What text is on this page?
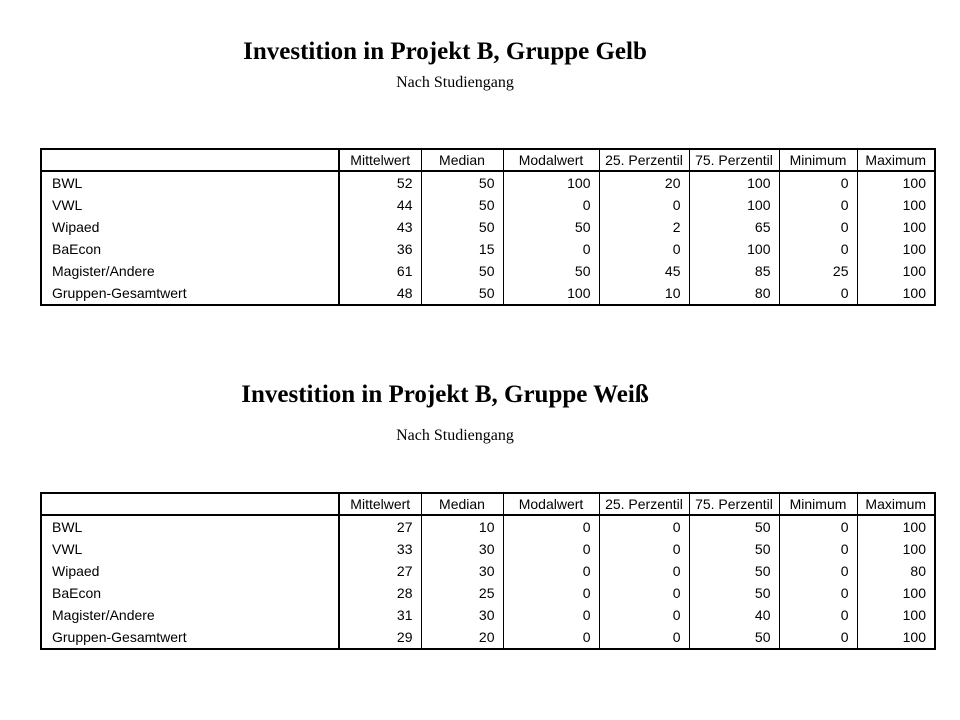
Investition in Projekt B, Gruppe Gelb
Nach Studiengang
	Mittelwert	Median	Modalwert	25. Perzentil	75. Perzentil	Minimum	Maximum
BWL	52	50	100	20	100	0	100
VWL	44	50	0	0	100	0	100
Wipaed	43	50	50	2	65	0	100
BaEcon	36	15	0	0	100	0	100
Magister/Andere	61	50	50	45	85	25	100
Gruppen-Gesamtwert	48	50	100	10	80	0	100
Investition in Projekt B, Gruppe Weiß
Nach Studiengang
	Mittelwert	Median	Modalwert	25. Perzentil	75. Perzentil	Minimum	Maximum
BWL	27	10	0	0	50	0	100
VWL	33	30	0	0	50	0	100
Wipaed	27	30	0	0	50	0	80
BaEcon	28	25	0	0	50	0	100
Magister/Andere	31	30	0	0	40	0	100
Gruppen-Gesamtwert	29	20	0	0	50	0	100
